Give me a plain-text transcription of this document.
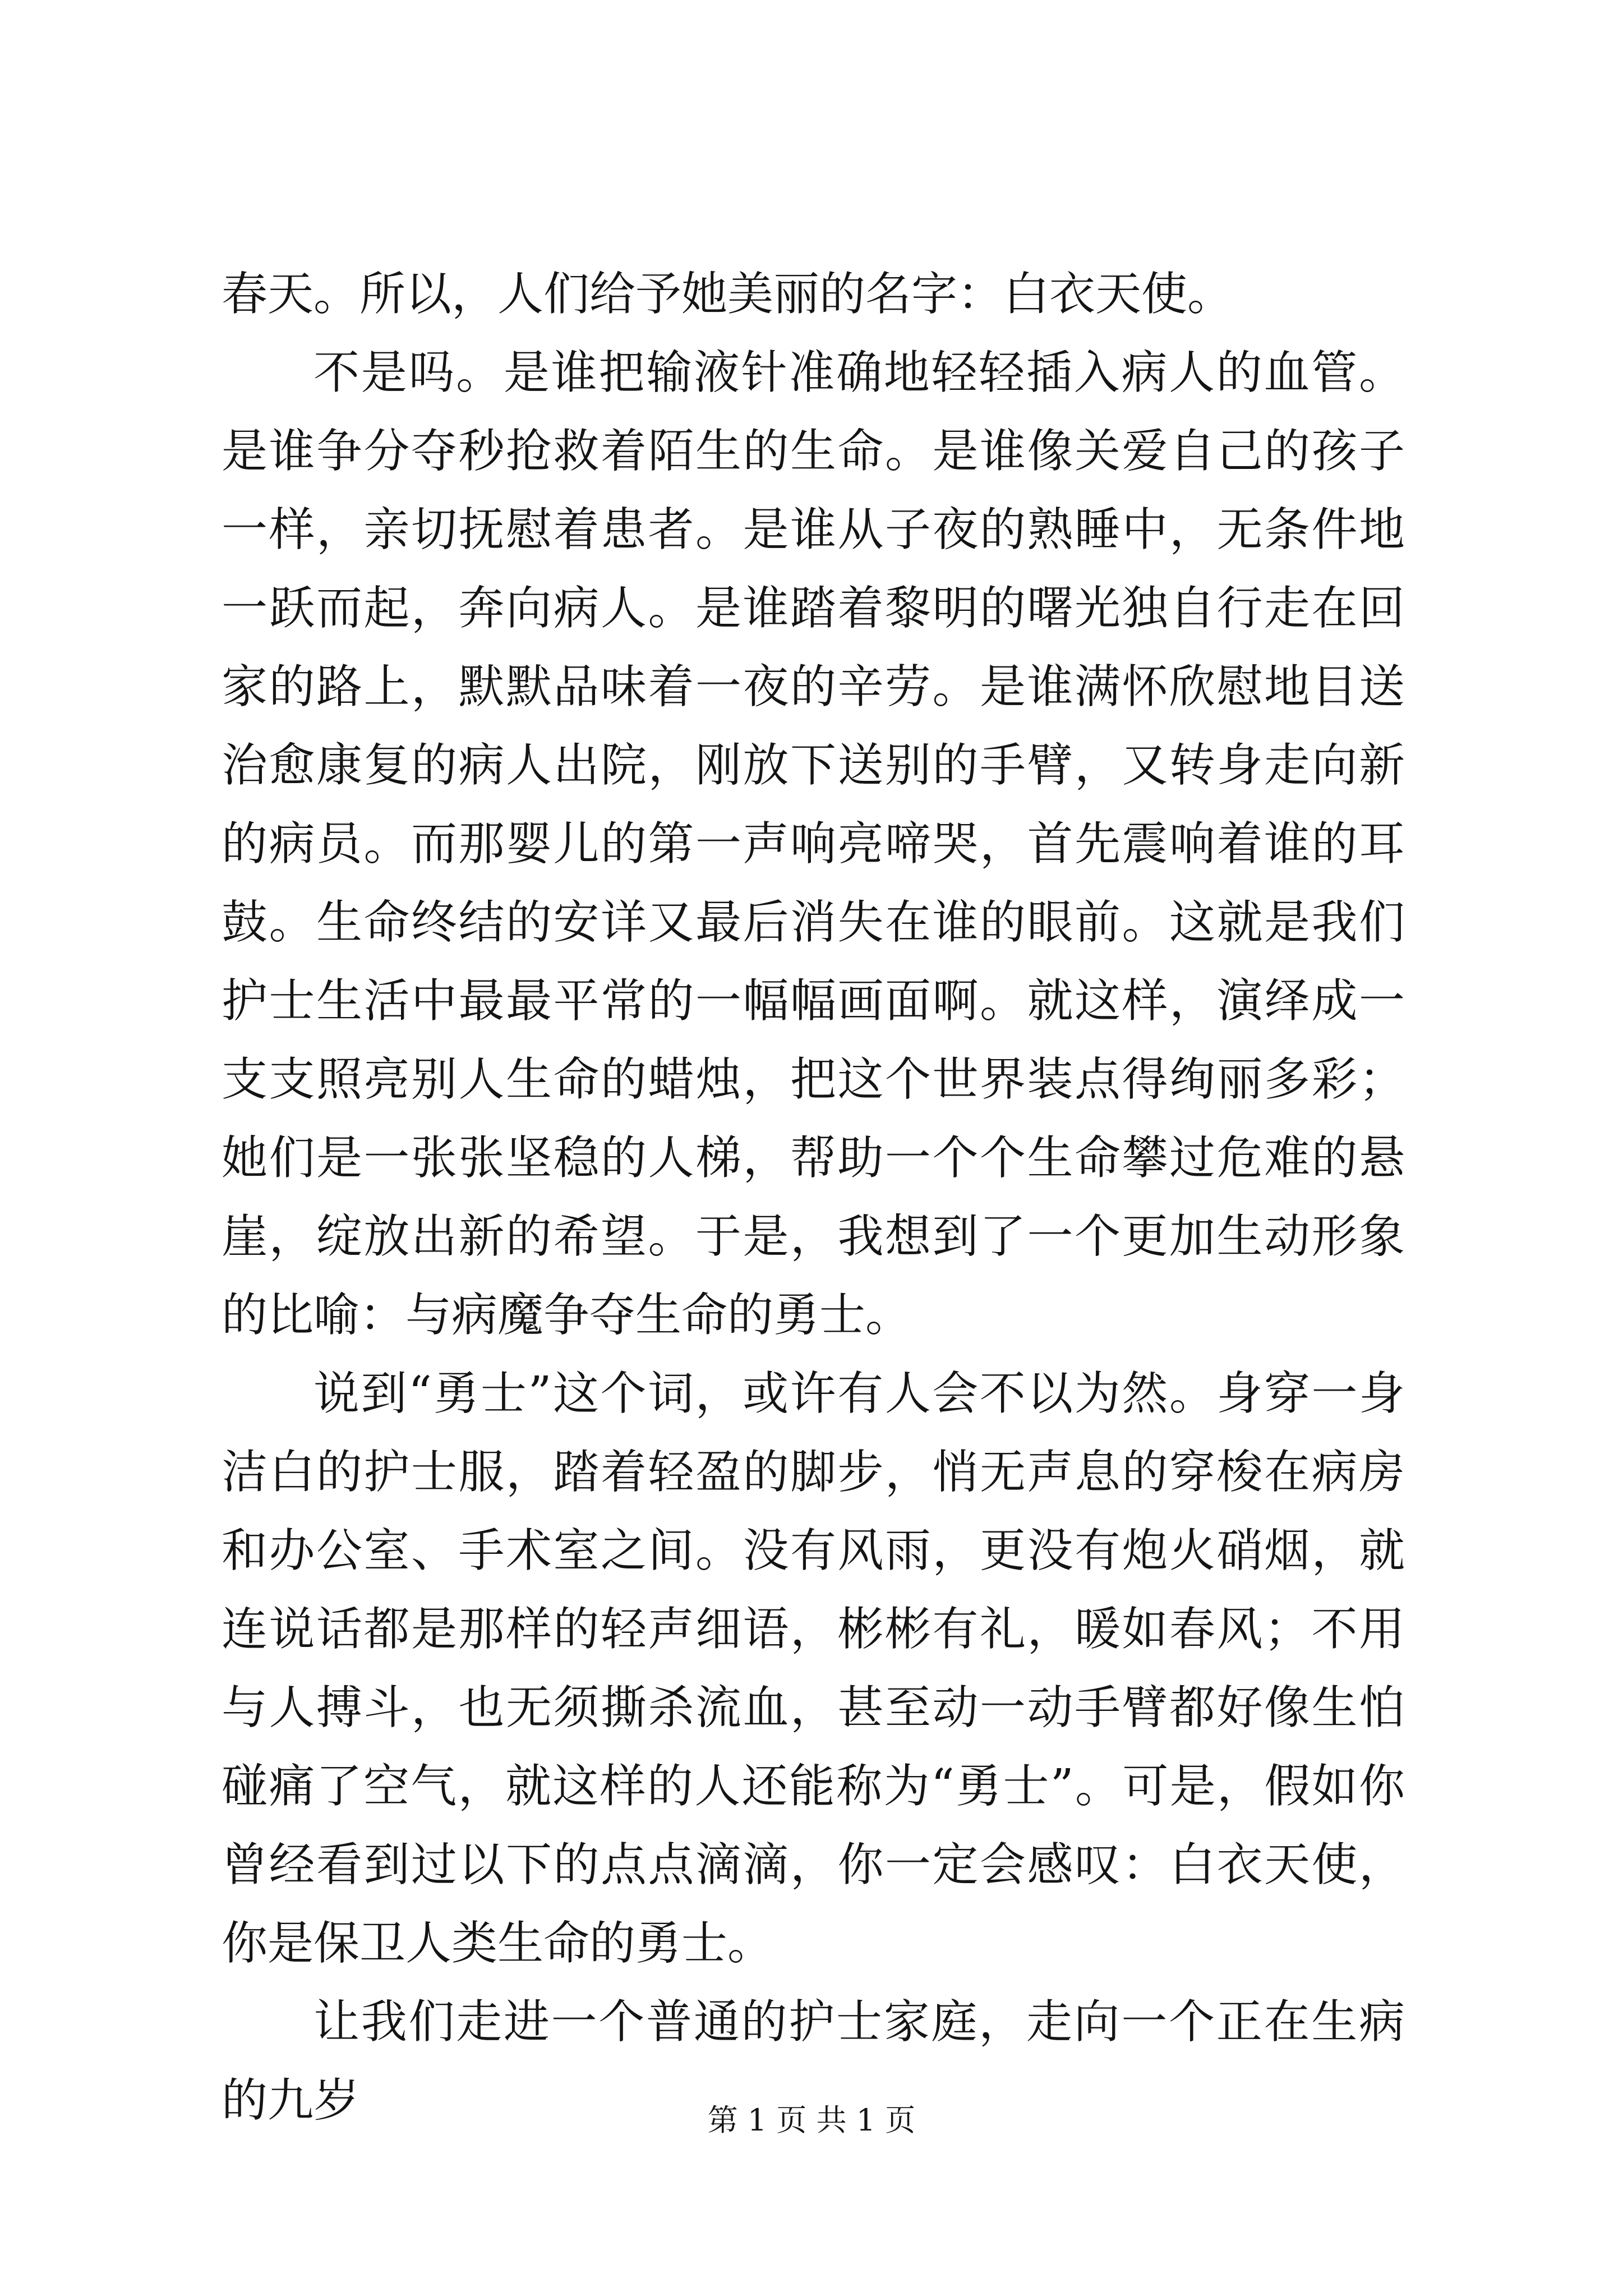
春天。所以，人们给予她美丽的名字：白衣天使。

不是吗。是谁把输液针准确地轻轻插入病人的血管。是谁争分夺秒抢救着陌生的生命。是谁像关爱自己的孩子一样，亲切抚慰着患者。是谁从子夜的熟睡中，无条件地一跃而起，奔向病人。是谁踏着黎明的曙光独自行走在回家的路上，默默品味着一夜的辛劳。是谁满怀欣慰地目送治愈康复的病人出院，刚放下送别的手臂，又转身走向新的病员。而那婴儿的第一声响亮啼哭，首先震响着谁的耳鼓。生命终结的安详又最后消失在谁的眼前。这就是我们护士生活中最最平常的一幅幅画面啊。就这样，演绎成一支支照亮别人生命的蜡烛，把这个世界装点得绚丽多彩；她们是一张张坚稳的人梯，帮助一个个生命攀过危难的悬崖，绽放出新的希望。于是，我想到了一个更加生动形象的比喻：与病魔争夺生命的勇士。

说到“勇士”这个词，或许有人会不以为然。身穿一身洁白的护士服，踏着轻盈的脚步，悄无声息的穿梭在病房和办公室、手术室之间。没有风雨，更没有炮火硝烟，就连说话都是那样的轻声细语，彬彬有礼，暖如春风；不用与人搏斗，也无须撕杀流血，甚至动一动手臂都好像生怕碰痛了空气，就这样的人还能称为“勇士”。可是，假如你曾经看到过以下的点点滴滴，你一定会感叹：白衣天使，你是保卫人类生命的勇士。

让我们走进一个普通的护士家庭，走向一个正在生病的九岁	第 1 页 共 1 页
